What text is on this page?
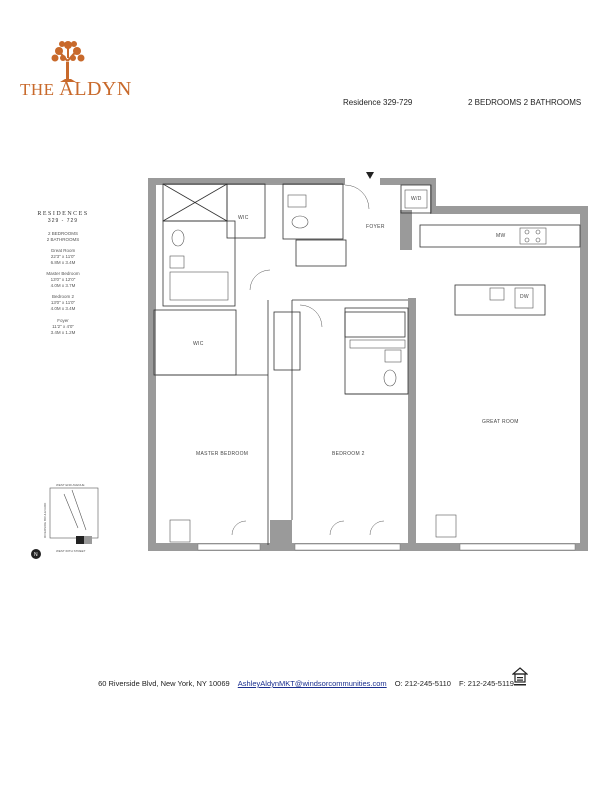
THE ALDYN
Residence 329-729	2 BEDROOMS 2 BATHROOMS
RESIDENCES
329 - 729
2 BEDROOMS
2 BATHROOMS
Great Room
22'3" x 11'0"
6.8M x 3.4M
Master Bedroom
13'0" x 12'0"
4.0M x 3.7M
Bedroom 2
13'0" x 11'0"
4.0M x 3.4M
Foyer
11'2" x 4'0"
3.4M x 1.2M
W/D
WIC
FOYER
MW
DW
WIC
GREAT ROOM
MASTER BEDROOM	BEDROOM 2
N
WEST END AVENUE
WEST 60TH STREET
RIVERSIDE BOULEVARD
60 Riverside Blvd, New York, NY 10069 AshleyAldynMKT@windsorcommunities.com O: 212-245-5110 F: 212-245-5119
